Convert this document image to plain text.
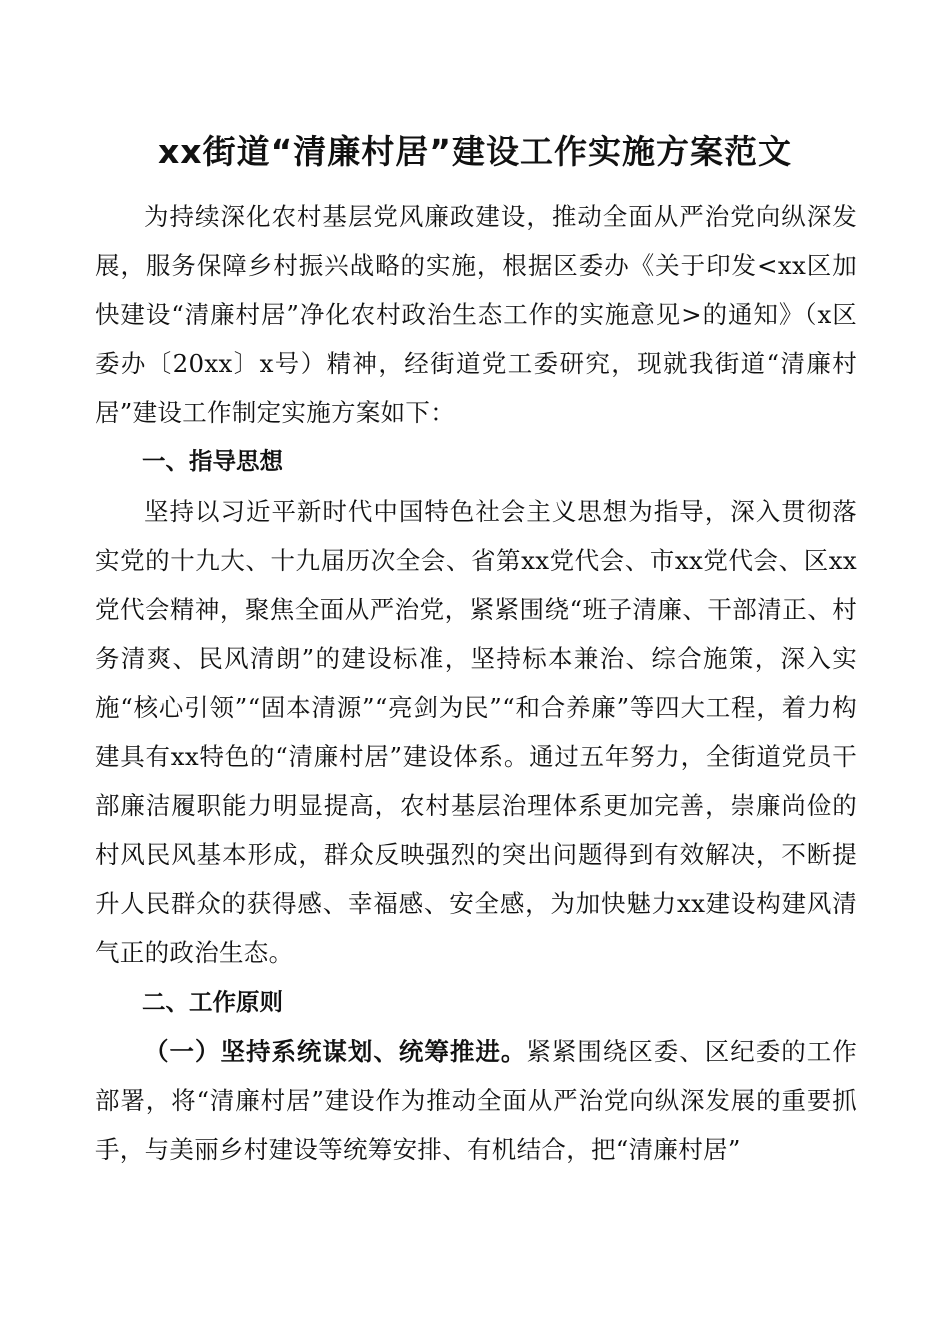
xx街道“清廉村居”建设工作实施方案范文

为持续深化农村基层党风廉政建设，推动全面从严治党向纵深发展，服务保障乡村振兴战略的实施，根据区委办《关于印发<xx区加快建设“清廉村居”净化农村政治生态工作的实施意见>的通知》（x区委办〔20xx〕x号）精神，经街道党工委研究，现就我街道“清廉村居”建设工作制定实施方案如下：

一、指导思想

坚持以习近平新时代中国特色社会主义思想为指导，深入贯彻落实党的十九大、十九届历次全会、省第xx党代会、市xx党代会、区xx党代会精神，聚焦全面从严治党，紧紧围绕“班子清廉、干部清正、村务清爽、民风清朗”的建设标准，坚持标本兼治、综合施策，深入实施“核心引领”“固本清源”“亮剑为民”“和合养廉”等四大工程，着力构建具有xx特色的“清廉村居”建设体系。通过五年努力，全街道党员干部廉洁履职能力明显提高，农村基层治理体系更加完善，崇廉尚俭的村风民风基本形成，群众反映强烈的突出问题得到有效解决，不断提升人民群众的获得感、幸福感、安全感，为加快魅力xx建设构建风清气正的政治生态。

二、工作原则

（一）坚持系统谋划、统筹推进。紧紧围绕区委、区纪委的工作部署，将“清廉村居”建设作为推动全面从严治党向纵深发展的重要抓手，与美丽乡村建设等统筹安排、有机结合，把“清廉村居”
